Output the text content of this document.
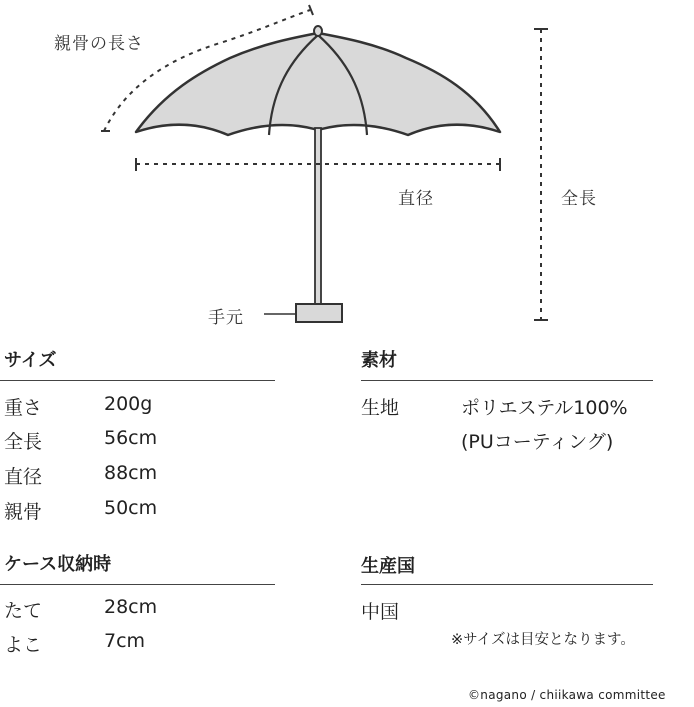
親骨の長さ
直径	全長
手元
サイズ
重さ	200g
全長	56cm
直径	88cm
親骨	50cm
ケース収納時
たて	28cm
よこ	7cm
素材
生地	ポリエステル100%
(PUコーティング)
生産国
中国
※サイズは目安となります。
©nagano / chiikawa committee
